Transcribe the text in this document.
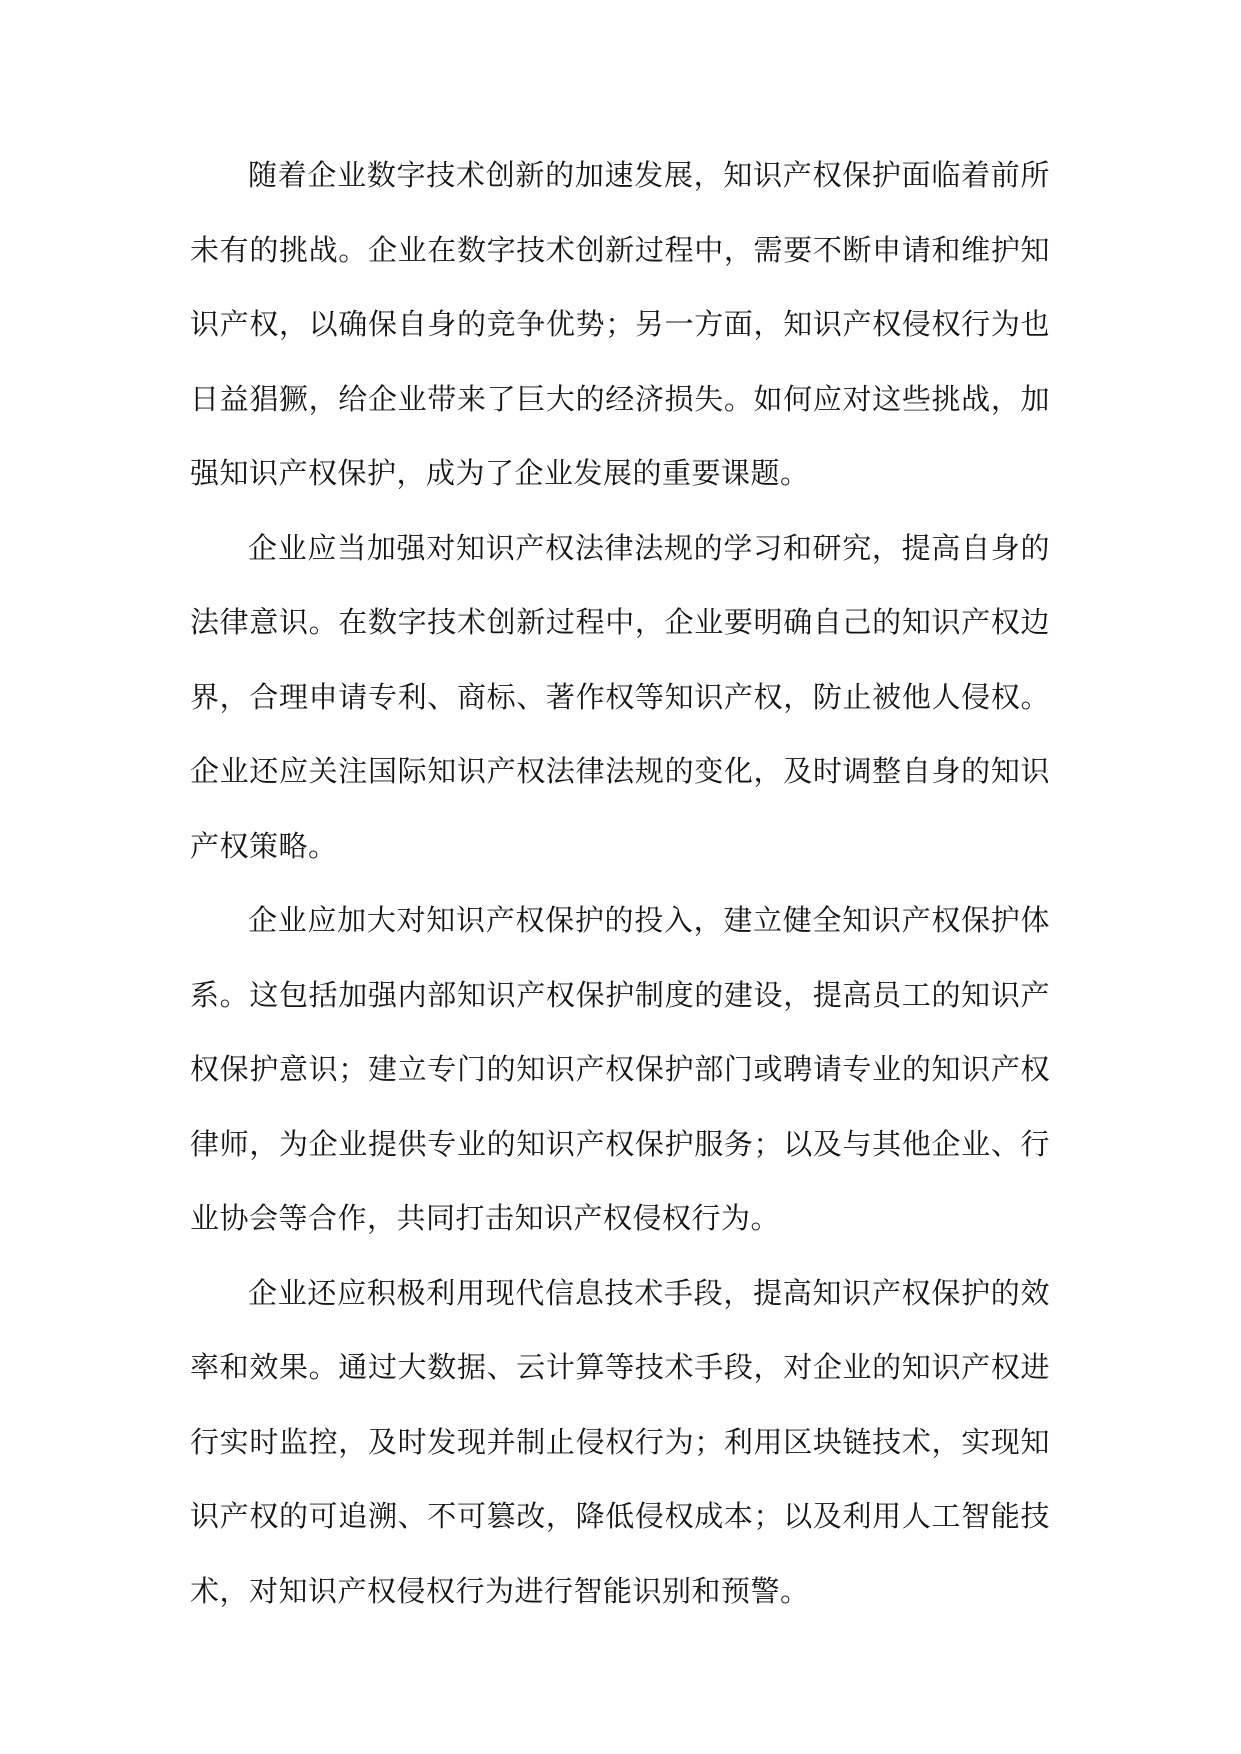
随着企业数字技术创新的加速发展，知识产权保护面临着前所未有的挑战。企业在数字技术创新过程中，需要不断申请和维护知识产权，以确保自身的竞争优势；另一方面，知识产权侵权行为也日益猖獗，给企业带来了巨大的经济损失。如何应对这些挑战，加强知识产权保护，成为了企业发展的重要课题。

企业应当加强对知识产权法律法规的学习和研究，提高自身的法律意识。在数字技术创新过程中，企业要明确自己的知识产权边界，合理申请专利、商标、著作权等知识产权，防止被他人侵权。企业还应关注国际知识产权法律法规的变化，及时调整自身的知识产权策略。

企业应加大对知识产权保护的投入，建立健全知识产权保护体系。这包括加强内部知识产权保护制度的建设，提高员工的知识产权保护意识；建立专门的知识产权保护部门或聘请专业的知识产权律师，为企业提供专业的知识产权保护服务；以及与其他企业、行业协会等合作，共同打击知识产权侵权行为。

企业还应积极利用现代信息技术手段，提高知识产权保护的效率和效果。通过大数据、云计算等技术手段，对企业的知识产权进行实时监控，及时发现并制止侵权行为；利用区块链技术，实现知识产权的可追溯、不可篡改，降低侵权成本；以及利用人工智能技术，对知识产权侵权行为进行智能识别和预警。
